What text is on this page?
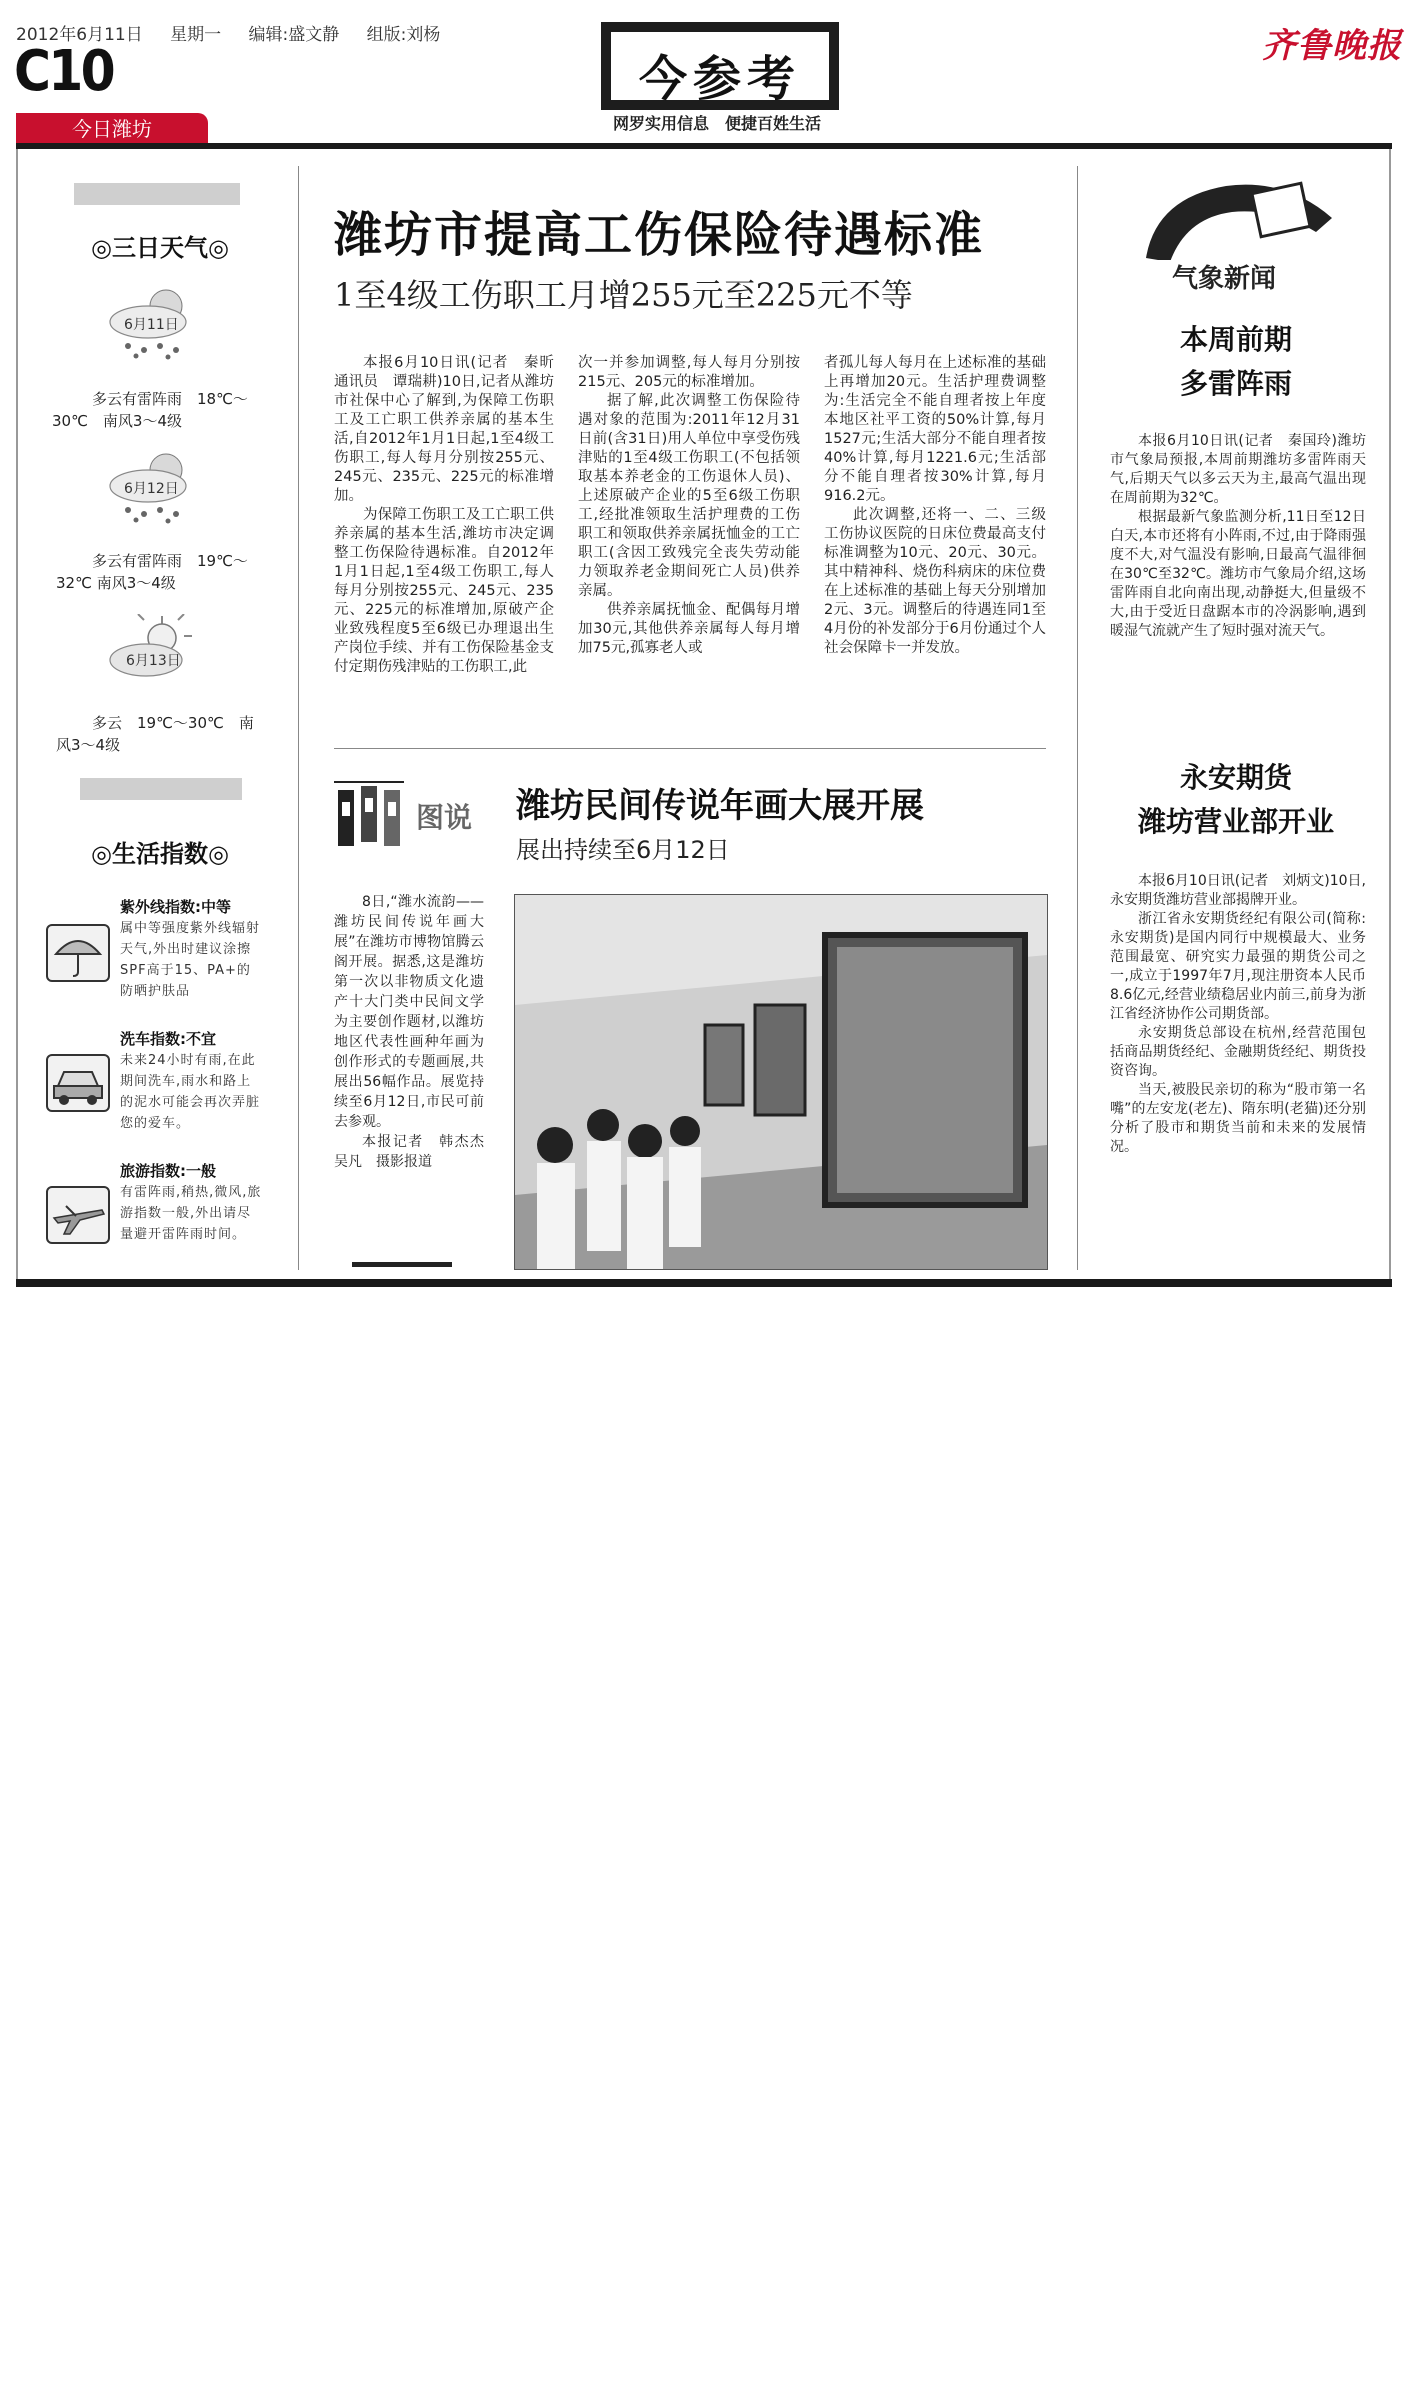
2012年6月11日 星期一 编辑:盛文静 组版:刘杨
C10
今日潍坊
今参考
网罗实用信息　便捷百姓生活
齐鲁晚报
◎三日天气◎
6月11日
多云有雷阵雨　18℃～
30℃　南风3～4级
6月12日
多云有雷阵雨　19℃～
32℃ 南风3～4级
6月13日
多云　19℃～30℃　南
风3～4级
◎生活指数◎
紫外线指数:中等
属中等强度紫外线辐射天气,外出时建议涂擦SPF高于15、PA+的防晒护肤品
洗车指数:不宜
未来24小时有雨,在此期间洗车,雨水和路上的泥水可能会再次弄脏您的爱车。
旅游指数:一般
有雷阵雨,稍热,微风,旅游指数一般,外出请尽量避开雷阵雨时间。
潍坊市提高工伤保险待遇标准
1至4级工伤职工月增255元至225元不等

本报6月10日讯(记者　秦昕　通讯员　谭瑞耕)10日,记者从潍坊市社保中心了解到,为保障工伤职工及工亡职工供养亲属的基本生活,自2012年1月1日起,1至4级工伤职工,每人每月分别按255元、245元、235元、225元的标准增加。

为保障工伤职工及工亡职工供养亲属的基本生活,潍坊市决定调整工伤保险待遇标准。自2012年1月1日起,1至4级工伤职工,每人每月分别按255元、245元、235元、225元的标准增加,原破产企业致残程度5至6级已办理退出生产岗位手续、并有工伤保险基金支付定期伤残津贴的工伤职工,此

次一并参加调整,每人每月分别按215元、205元的标准增加。

据了解,此次调整工伤保险待遇对象的范围为:2011年12月31日前(含31日)用人单位中享受伤残津贴的1至4级工伤职工(不包括领取基本养老金的工伤退休人员)、上述原破产企业的5至6级工伤职工,经批准领取生活护理费的工伤职工和领取供养亲属抚恤金的工亡职工(含因工致残完全丧失劳动能力领取养老金期间死亡人员)供养亲属。

供养亲属抚恤金、配偶每月增加30元,其他供养亲属每人每月增加75元,孤寡老人或

者孤儿每人每月在上述标准的基础上再增加20元。生活护理费调整为:生活完全不能自理者按上年度本地区社平工资的50%计算,每月1527元;生活大部分不能自理者按40%计算,每月1221.6元;生活部分不能自理者按30%计算,每月916.2元。

此次调整,还将一、二、三级工伤协议医院的日床位费最高支付标准调整为10元、20元、30元。其中精神科、烧伤科病床的床位费在上述标准的基础上每天分别增加2元、3元。调整后的待遇连同1至4月份的补发部分于6月份通过个人社会保障卡一并发放。

图说 潍坊民间传说年画大展开展
展出持续至6月12日

8日,“潍水流韵——潍坊民间传说年画大展”在潍坊市博物馆腾云阁开展。据悉,这是潍坊第一次以非物质文化遗产十大门类中民间文学为主要创作题材,以潍坊地区代表性画种年画为创作形式的专题画展,共展出56幅作品。展览持续至6月12日,市民可前去参观。

本报记者　韩杰杰　吴凡　摄影报道

气象新闻
本周前期
多雷阵雨

本报6月10日讯(记者　秦国玲)潍坊市气象局预报,本周前期潍坊多雷阵雨天气,后期天气以多云天为主,最高气温出现在周前期为32℃。

根据最新气象监测分析,11日至12日白天,本市还将有小阵雨,不过,由于降雨强度不大,对气温没有影响,日最高气温徘徊在30℃至32℃。潍坊市气象局介绍,这场雷阵雨自北向南出现,动静挺大,但量级不大,由于受近日盘踞本市的冷涡影响,遇到暖湿气流就产生了短时强对流天气。

永安期货
潍坊营业部开业

本报6月10日讯(记者　刘炳文)10日,永安期货潍坊营业部揭牌开业。

浙江省永安期货经纪有限公司(简称:永安期货)是国内同行中规模最大、业务范围最宽、研究实力最强的期货公司之一,成立于1997年7月,现注册资本人民币8.6亿元,经营业绩稳居业内前三,前身为浙江省经济协作公司期货部。

永安期货总部设在杭州,经营范围包括商品期货经纪、金融期货经纪、期货投资咨询。

当天,被股民亲切的称为“股市第一名嘴”的左安龙(老左)、隋东明(老猫)还分别分析了股市和期货当前和未来的发展情况。
